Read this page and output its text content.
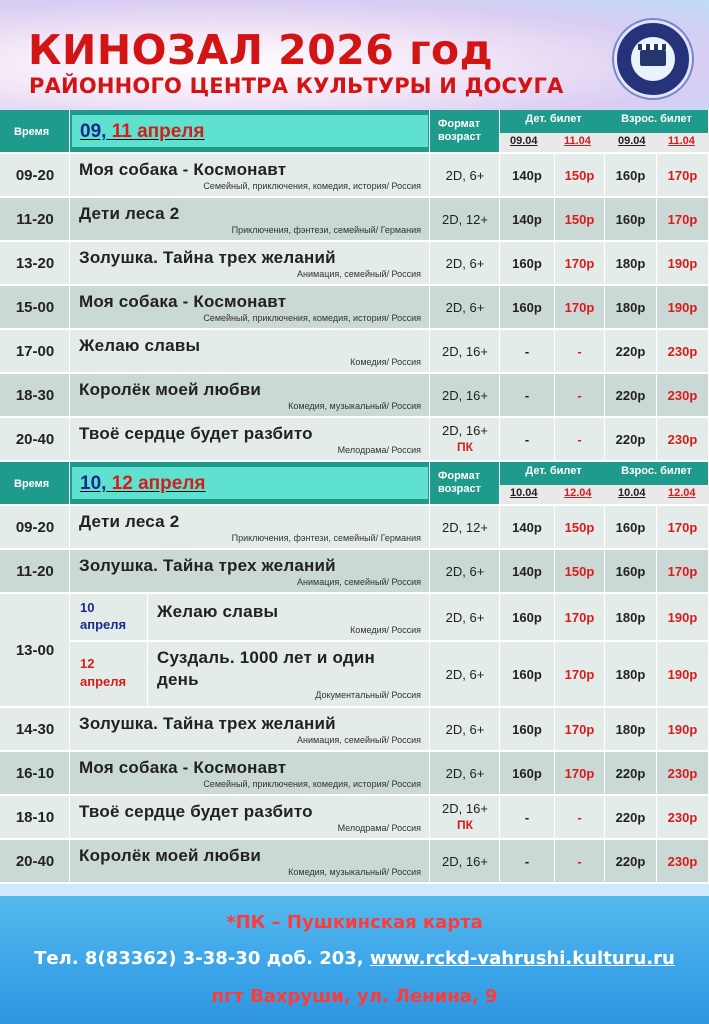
КИНОЗАЛ 2026 год
РАЙОННОГО ЦЕНТРА КУЛЬТУРЫ И ДОСУГА
Время 09, 11 апреля	Формат возраст
Дет. билет	Взрос. билет
09.04 11.04 09.04 11.04
09-20	Моя собака - Космонавт
Семейный, приключения, комедия, история/ Россия
2D, 6+	140р	150р	160р	170р
11-20	Дети леса 2
Приключения, фэнтези, семейный/ Германия
2D, 12+	140р	150р	160р	170р
13-20	Золушка. Тайна трех желаний
Анимация, семейный/ Россия
2D, 6+	160р	170р	180р	190р
15-00	Моя собака - Космонавт
Семейный, приключения, комедия, история/ Россия
2D, 6+	160р	170р	180р	190р
17-00	Желаю славы
Комедия/ Россия
2D, 16+	-	-	220р	230р
18-30	Королёк моей любви
Комедия, музыкальный/ Россия
2D, 16+	-	-	220р	230р
20-40	Твоё сердце будет разбито
Мелодрама/ Россия
2D, 16+
ПК	-	-	220р	230р
Время 10, 12 апреля	Формат возраст
Дет. билет	Взрос. билет
10.04 12.04 10.04 12.04
09-20	Дети леса 2
Приключения, фэнтези, семейный/ Германия
2D, 12+	140р	150р	160р	170р
11-20	Золушка. Тайна трех желаний
Анимация, семейный/ Россия
2D, 6+	140р	150р	160р	170р
13-00
10
апреля
Желаю славы
Комедия/ Россия
2D, 6+	160р	170р	180р	190р
12
апреля
Суздаль. 1000 лет и один
день
Документальный/ Россия
2D, 6+	160р	170р	180р	190р
14-30	Золушка. Тайна трех желаний
Анимация, семейный/ Россия
2D, 6+	160р	170р	180р	190р
16-10	Моя собака - Космонавт
Семейный, приключения, комедия, история/ Россия
2D, 6+	160р	170р	220р	230р
18-10	Твоё сердце будет разбито
Мелодрама/ Россия
2D, 16+
ПК	-	-	220р	230р
20-40	Королёк моей любви
Комедия, музыкальный/ Россия
2D, 16+	-	-	220р	230р
*ПК – Пушкинская карта
Тел. 8(83362) 3-38-30 доб. 203, www.rckd-vahrushi.kulturu.ru
пгт Вахруши, ул. Ленина, 9
